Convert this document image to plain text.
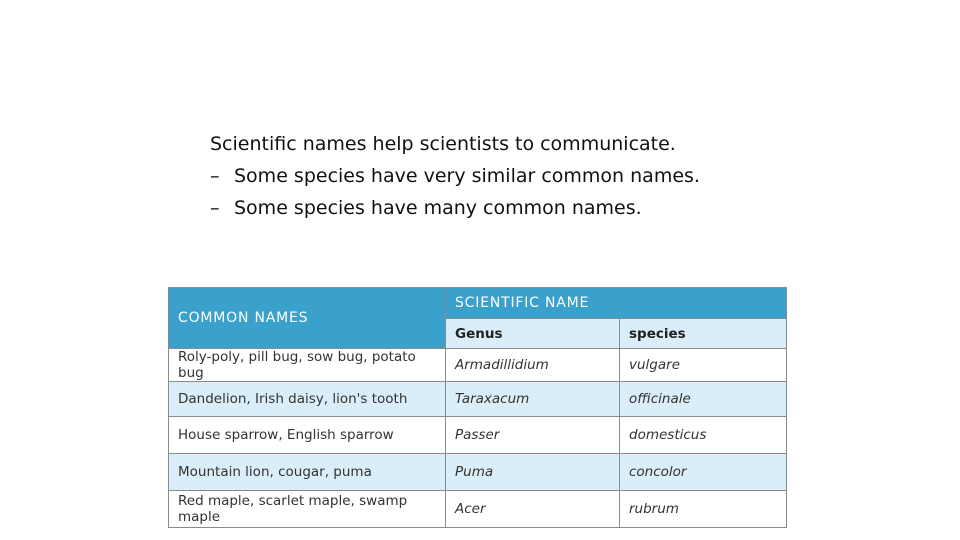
Scientific names help scientists to communicate.
– Some species have very similar common names.
– Some species have many common names.
COMMON NAMES	SCIENTIFIC NAME	
	Genus	species
Roly-poly, pill bug, sow bug, potato bug	Armadillidium	vulgare
Dandelion, Irish daisy, lion's tooth	Taraxacum	officinale
House sparrow, English sparrow	Passer	domesticus
Mountain lion, cougar, puma	Puma	concolor
Red maple, scarlet maple, swamp maple	Acer	rubrum
